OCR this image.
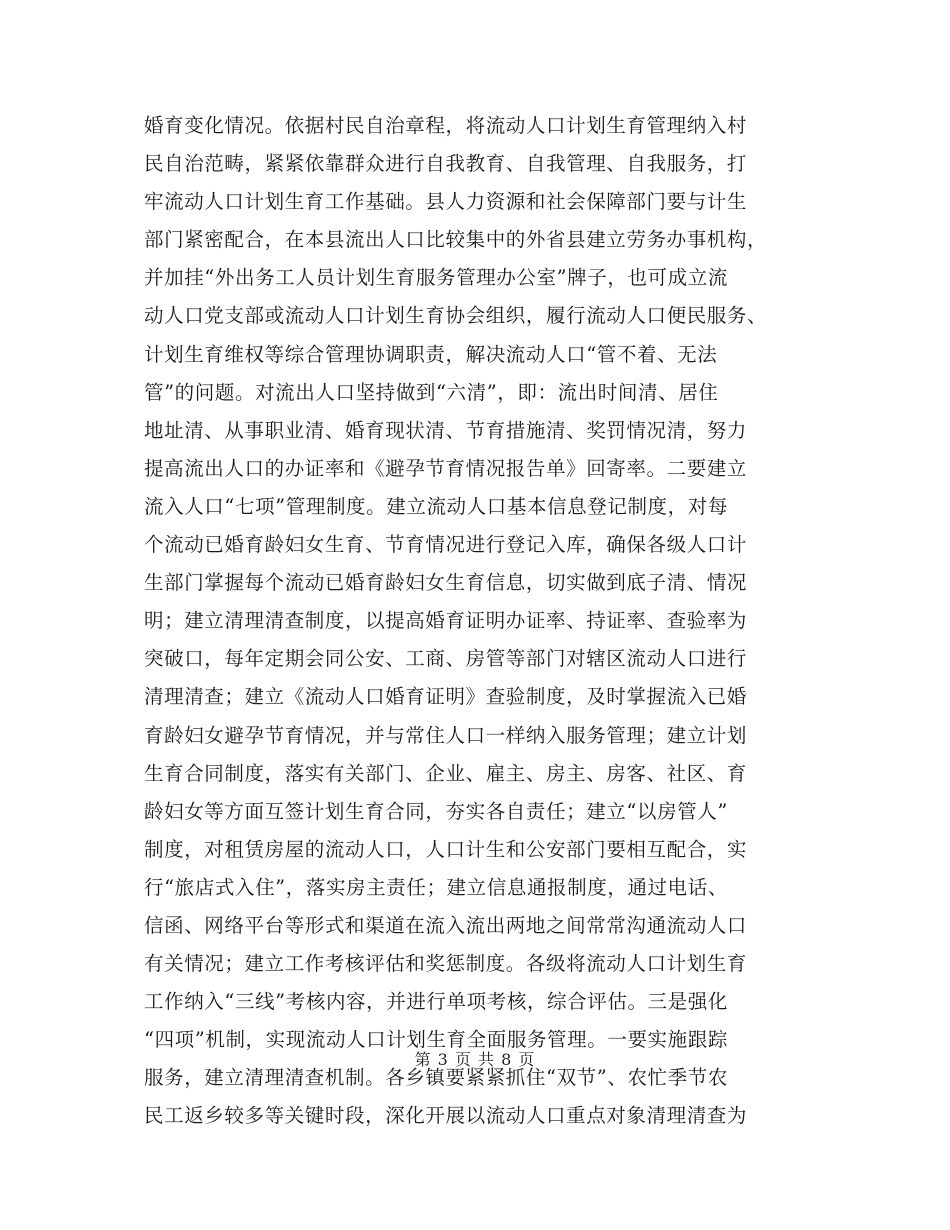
婚育变化情况。依据村民自治章程，将流动人口计划生育管理纳入村
民自治范畴，紧紧依靠群众进行自我教育、自我管理、自我服务，打
牢流动人口计划生育工作基础。县人力资源和社会保障部门要与计生
部门紧密配合，在本县流出人口比较集中的外省县建立劳务办事机构，
并加挂“外出务工人员计划生育服务管理办公室”牌子，也可成立流
动人口党支部或流动人口计划生育协会组织，履行流动人口便民服务、
计划生育维权等综合管理协调职责，解决流动人口“管不着、无法
管”的问题。对流出人口坚持做到“六清”，即：流出时间清、居住
地址清、从事职业清、婚育现状清、节育措施清、奖罚情况清，努力
提高流出人口的办证率和《避孕节育情况报告单》回寄率。二要建立
流入人口“七项”管理制度。建立流动人口基本信息登记制度，对每
个流动已婚育龄妇女生育、节育情况进行登记入库，确保各级人口计
生部门掌握每个流动已婚育龄妇女生育信息，切实做到底子清、情况
明；建立清理清查制度，以提高婚育证明办证率、持证率、查验率为
突破口，每年定期会同公安、工商、房管等部门对辖区流动人口进行
清理清查；建立《流动人口婚育证明》查验制度，及时掌握流入已婚
育龄妇女避孕节育情况，并与常住人口一样纳入服务管理；建立计划
生育合同制度，落实有关部门、企业、雇主、房主、房客、社区、育
龄妇女等方面互签计划生育合同，夯实各自责任；建立“以房管人”
制度，对租赁房屋的流动人口，人口计生和公安部门要相互配合，实
行“旅店式入住”，落实房主责任；建立信息通报制度，通过电话、
信函、网络平台等形式和渠道在流入流出两地之间常常沟通流动人口
有关情况；建立工作考核评估和奖惩制度。各级将流动人口计划生育
工作纳入“三线”考核内容，并进行单项考核，综合评估。三是强化
“四项”机制，实现流动人口计划生育全面服务管理。一要实施跟踪
服务，建立清理清查机制。各乡镇要紧紧抓住“双节”、农忙季节农
民工返乡较多等关键时段，深化开展以流动人口重点对象清理清查为
第 3 页 共 8 页
